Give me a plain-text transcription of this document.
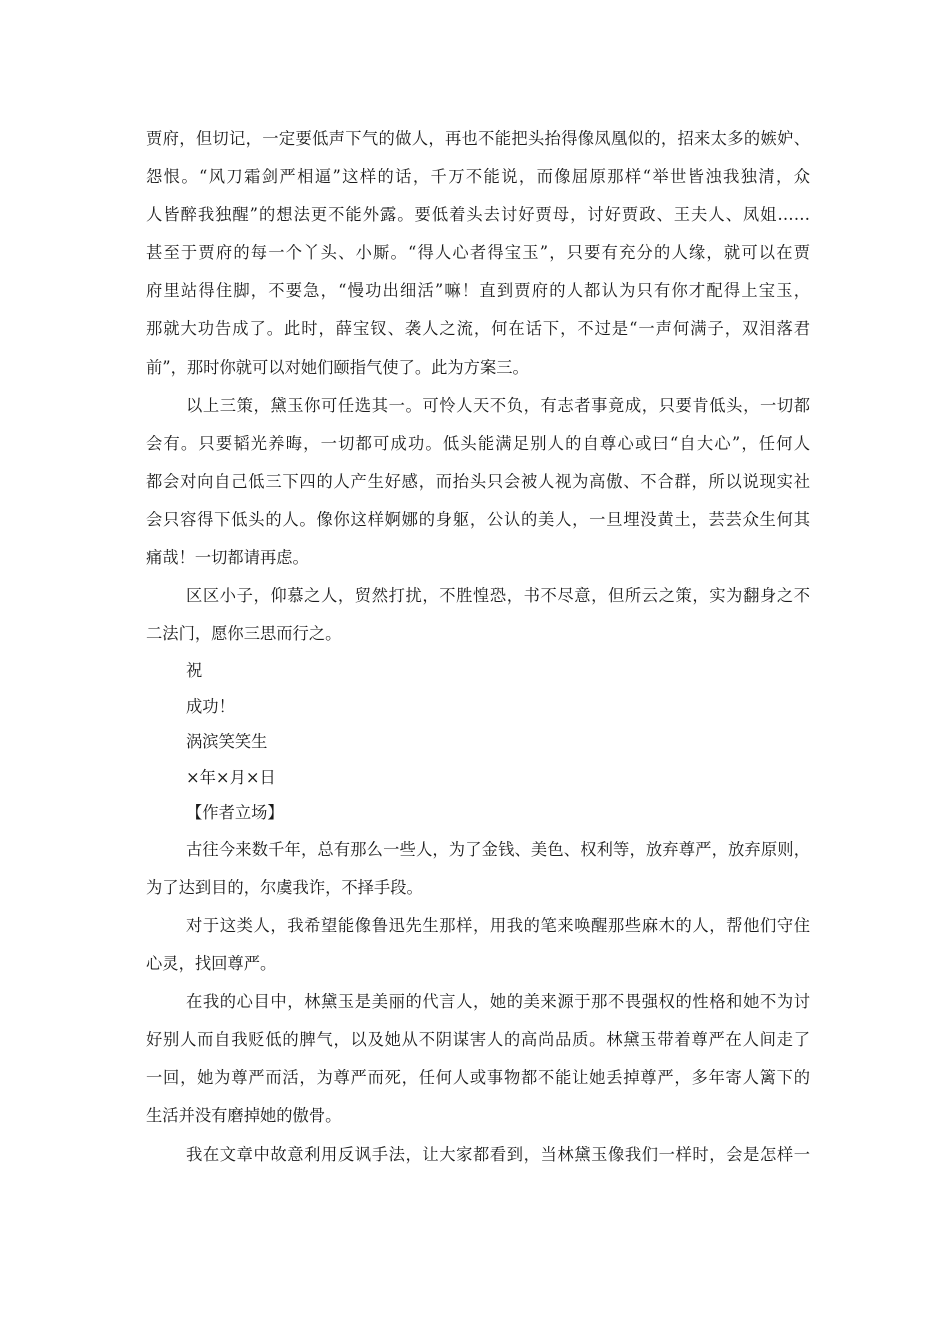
贾府，但切记，一定要低声下气的做人，再也不能把头抬得像凤凰似的，招来太多的嫉妒、
怨恨。“风刀霜剑严相逼”这样的话，千万不能说，而像屈原那样“举世皆浊我独清，众
人皆醉我独醒”的想法更不能外露。要低着头去讨好贾母，讨好贾政、王夫人、凤姐……
甚至于贾府的每一个丫头、小厮。“得人心者得宝玉”，只要有充分的人缘，就可以在贾
府里站得住脚，不要急，“慢功出细活”嘛！直到贾府的人都认为只有你才配得上宝玉，
那就大功告成了。此时，薛宝钗、袭人之流，何在话下，不过是“一声何满子，双泪落君
前”，那时你就可以对她们颐指气使了。此为方案三。
以上三策，黛玉你可任选其一。可怜人天不负，有志者事竟成，只要肯低头，一切都
会有。只要韬光养晦，一切都可成功。低头能满足别人的自尊心或曰“自大心”，任何人
都会对向自己低三下四的人产生好感，而抬头只会被人视为高傲、不合群，所以说现实社
会只容得下低头的人。像你这样婀娜的身躯，公认的美人，一旦埋没黄土，芸芸众生何其
痛哉！一切都请再虑。
区区小子，仰慕之人，贸然打扰，不胜惶恐，书不尽意，但所云之策，实为翻身之不
二法门，愿你三思而行之。
祝
成功！
涡滨笑笑生
×年×月×日
【作者立场】
古往今来数千年，总有那么一些人，为了金钱、美色、权利等，放弃尊严，放弃原则，
为了达到目的，尔虞我诈，不择手段。
对于这类人，我希望能像鲁迅先生那样，用我的笔来唤醒那些麻木的人，帮他们守住
心灵，找回尊严。
在我的心目中，林黛玉是美丽的代言人，她的美来源于那不畏强权的性格和她不为讨
好别人而自我贬低的脾气，以及她从不阴谋害人的高尚品质。林黛玉带着尊严在人间走了
一回，她为尊严而活，为尊严而死，任何人或事物都不能让她丢掉尊严，多年寄人篱下的
生活并没有磨掉她的傲骨。
我在文章中故意利用反讽手法，让大家都看到，当林黛玉像我们一样时，会是怎样一
